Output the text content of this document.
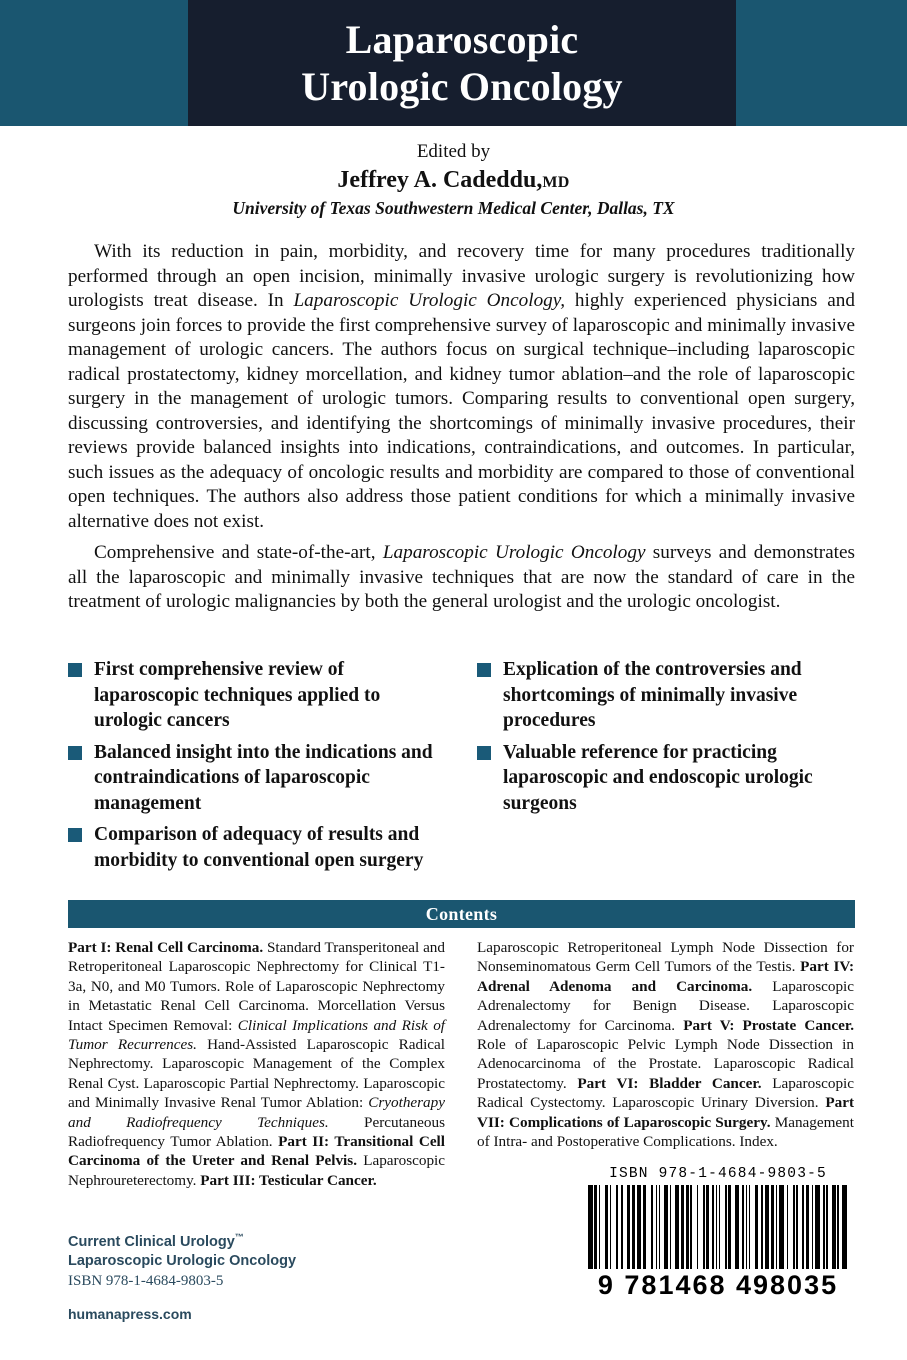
Laparoscopic
Urologic Oncology
Edited by
Jeffrey A. Cadeddu,MD
University of Texas Southwestern Medical Center, Dallas, TX

With its reduction in pain, morbidity, and recovery time for many procedures traditionally performed through an open incision, minimally invasive urologic surgery is revolutionizing how urologists treat disease. In Laparoscopic Urologic Oncology, highly experienced physicians and surgeons join forces to provide the first comprehensive survey of laparoscopic and minimally invasive management of urologic cancers. The authors focus on surgical technique–including laparoscopic radical prostatectomy, kidney morcellation, and kidney tumor ablation–and the role of laparoscopic surgery in the management of urologic tumors. Comparing results to conventional open surgery, discussing controversies, and identifying the shortcomings of minimally invasive procedures, their reviews provide balanced insights into indications, contraindications, and outcomes. In particular, such issues as the adequacy of oncologic results and morbidity are compared to those of conventional open techniques. The authors also address those patient conditions for which a minimally invasive alternative does not exist.

Comprehensive and state-of-the-art, Laparoscopic Urologic Oncology surveys and demonstrates all the laparoscopic and minimally invasive techniques that are now the standard of care in the treatment of urologic malignancies by both the general urologist and the urologic oncologist.

First comprehensive review of laparoscopic techniques applied to urologic cancers
Balanced insight into the indications and contraindications of laparoscopic management
Comparison of adequacy of results and morbidity to conventional open surgery
Explication of the controversies and shortcomings of minimally invasive procedures
Valuable reference for practicing laparoscopic and endoscopic urologic surgeons
Contents

Part I: Renal Cell Carcinoma. Standard Transperitoneal and Retroperitoneal Laparoscopic Nephrectomy for Clinical T1-3a, N0, and M0 Tumors. Role of Laparoscopic Nephrectomy in Metastatic Renal Cell Carcinoma. Morcellation Versus Intact Specimen Removal: Clinical Implications and Risk of Tumor Recurrences. Hand-Assisted Laparoscopic Radical Nephrectomy. Laparoscopic Management of the Complex Renal Cyst. Laparoscopic Partial Nephrectomy. Laparoscopic and Minimally Invasive Renal Tumor Ablation: Cryotherapy and Radiofrequency Techniques. Percutaneous Radiofrequency Tumor Ablation. Part II: Transitional Cell Carcinoma of the Ureter and Renal Pelvis. Laparoscopic Nephroureterectomy. Part III: Testicular Cancer.

Laparoscopic Retroperitoneal Lymph Node Dissection for Nonseminomatous Germ Cell Tumors of the Testis. Part IV: Adrenal Adenoma and Carcinoma. Laparoscopic Adrenalectomy for Benign Disease. Laparoscopic Adrenalectomy for Carcinoma. Part V: Prostate Cancer. Role of Laparoscopic Pelvic Lymph Node Dissection in Adenocarcinoma of the Prostate. Laparoscopic Radical Prostatectomy. Part VI: Bladder Cancer. Laparoscopic Radical Cystectomy. Laparoscopic Urinary Diversion. Part VII: Complications of Laparoscopic Surgery. Management of Intra- and Postoperative Complications. Index.

Current Clinical Urology™
Laparoscopic Urologic Oncology
ISBN 978-1-4684-9803-5
humanapress.com
ISBN 978-1-4684-9803-5
9 781468 498035
